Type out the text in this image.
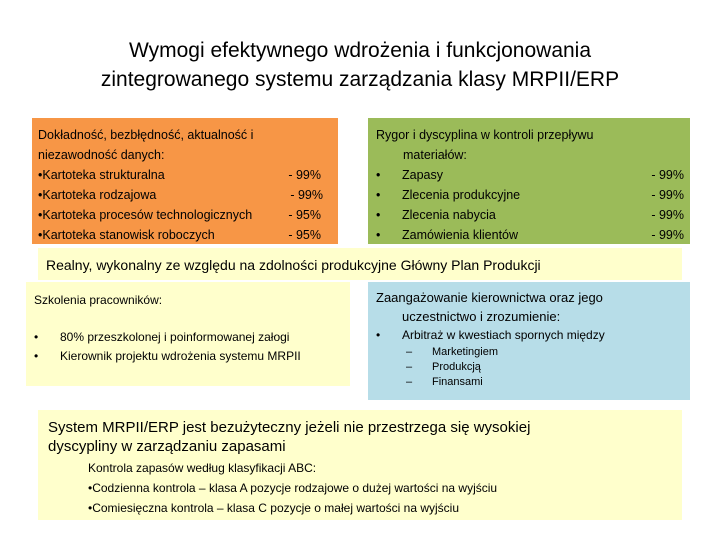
Wymogi efektywnego wdrożenia i funkcjonowania
zintegrowanego systemu zarządzania klasy MRPII/ERP
Dokładność, bezbłędność, aktualność i
niezawodność danych:
•Kartoteka strukturalna	- 99%
•Kartoteka rodzajowa	- 99%
•Kartoteka procesów technologicznych	- 95%
•Kartoteka stanowisk roboczych	- 95%
Rygor i dyscyplina w kontroli przepływu
materiałów:
•	Zapasy	- 99%
•	Zlecenia produkcyjne	- 99%
•	Zlecenia nabycia	- 99%
•	Zamówienia klientów	- 99%
Realny, wykonalny ze względu na zdolności produkcyjne Główny Plan Produkcji
Szkolenia pracowników:
•	80% przeszkolonej i poinformowanej załogi
•	Kierownik projektu wdrożenia systemu MRPII
Zaangażowanie kierownictwa oraz jego
uczestnictwo i zrozumienie:
•	Arbitraż w kwestiach spornych między
–	Marketingiem
–	Produkcją
–	Finansami
System MRPII/ERP jest bezużyteczny jeżeli nie przestrzega się wysokiej
dyscypliny w zarządzaniu zapasami
Kontrola zapasów według klasyfikacji ABC:
•Codzienna kontrola – klasa A pozycje rodzajowe o dużej wartości na wyjściu
•Comiesięczna kontrola – klasa C pozycje o małej wartości na wyjściu
